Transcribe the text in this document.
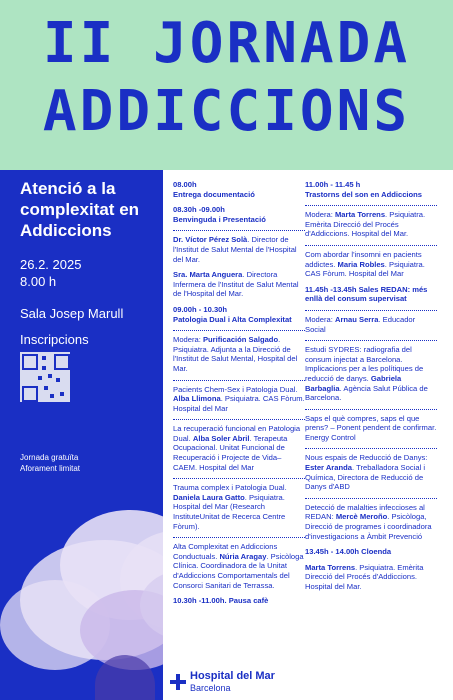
II JORNADA
ADDICCIONS
Atenció a la complexitat en Addiccions
26.2. 2025
8.00 h
Sala Josep Marull
Inscripcions
Jornada gratuïta
Aforament limitat
08.00h
Entrega documentació
08.30h -09.00h
Benvinguda i Presentació
Dr. Víctor Pérez Solà. Director de l'Institut de Salut Mental de l'Hospital del Mar.
Sra. Marta Anguera. Directora Infermera de l'Institut de Salut Mental de l'Hospital del Mar.
09.00h - 10.30h
Patologia Dual i Alta Complexitat
Modera: Purificación Salgado. Psiquiatra. Adjunta a la Direcció de l'Institut de Salut Mental, Hospital del Mar.
Pacients Chem-Sex i Patologia Dual. Alba Llimona. Psiquiatra. CAS Fòrum. Hospital del Mar
La recuperació funcional en Patologia Dual. Alba Soler Abril. Terapeuta Ocupacional. Unitat Funcional de Recuperació i Projecte de Vida– CAEM. Hospital del Mar
Trauma complex i Patologia Dual. Daniela Laura Gatto. Psiquiatra. Hospital del Mar (Research InstituteUnitat de Recerca Centre Fòrum).
Alta Complexitat en Addiccions Conductuals. Núria Aragay. Psicòloga Clínica. Coordinadora de la Unitat d'Addiccions Comportamentals del Consorci Sanitari de Terrassa.
10.30h -11.00h. Pausa cafè
11.00h - 11.45 h
Trastorns del son en Addiccions
Modera: Marta Torrens. Psiquiatra. Emèrita Direcció del Procés d'Addiccions. Hospital del Mar.
Com abordar l'insomni en pacients addictes. Maria Robles. Psiquiatra. CAS Fòrum. Hospital del Mar
11.45h -13.45h Sales REDAN: més enllà del consum supervisat
Modera: Arnau Serra. Educador Social
Estudi SYDRES: radiografia del consum injectat a Barcelona. Implicacions per a les polítiques de reducció de danys. Gabriela Barbaglia. Agència Salut Pública de Barcelona.
Saps el què compres, saps el que prens? – Ponent pendent de confirmar. Energy Control
Nous espais de Reducció de Danys: Ester Aranda. Treballadora Social i Química, Directora de Reducció de Danys d'ABD
Detecció de malalties infeccioses al REDAN: Mercè Meroño. Psicòloga, Direcció de programes i coordinadora d'investigacions a Àmbit Prevenció
13.45h - 14.00h Cloenda
Marta Torrens. Psiquiatra. Emèrita Direcció del Procés d'Addiccions. Hospital del Mar.
Hospital del Mar
Barcelona
